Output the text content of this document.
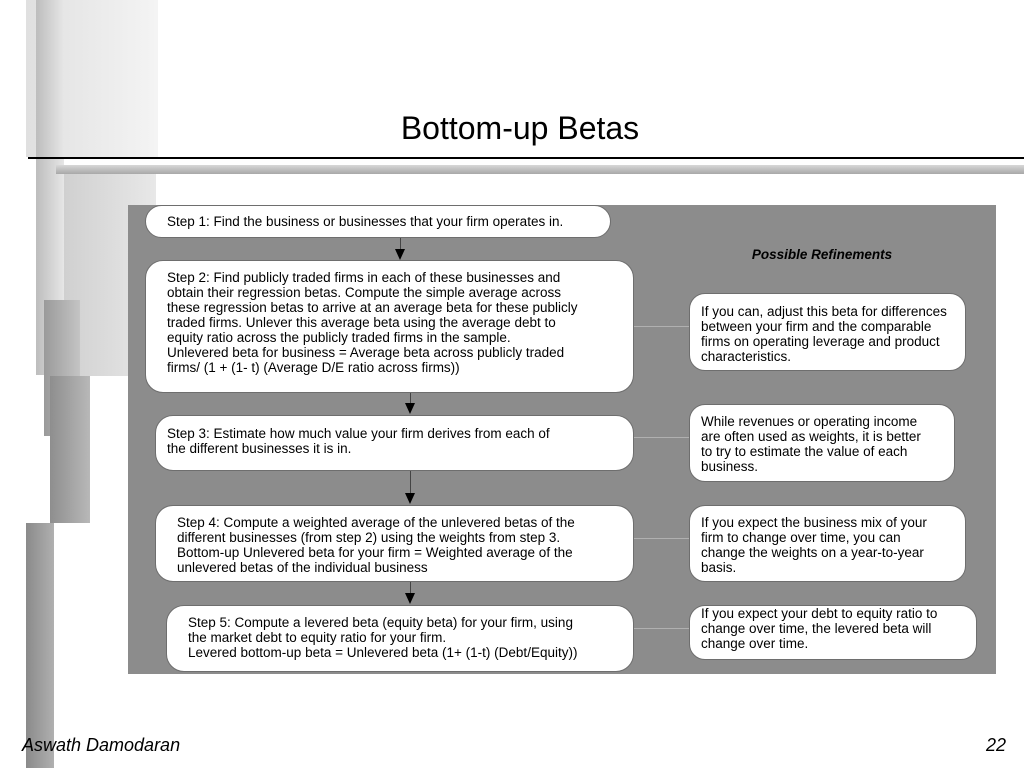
Bottom-up Betas
Step 1: Find the business or businesses that your firm operates in.
Step 2: Find publicly traded firms in each of these businesses and
obtain their regression betas. Compute the simple average across
these regression betas to arrive at an average beta for these publicly
traded firms. Unlever this average beta using the average debt to
equity ratio across the publicly traded firms in the sample.
Unlevered beta for business = Average beta across publicly traded
firms/ (1 + (1- t) (Average D/E ratio across firms))
Step 3: Estimate how much value your firm derives from each of
the different businesses it is in.
Step 4: Compute a weighted average of the unlevered betas of the
different businesses (from step 2) using the weights from step 3.
Bottom-up Unlevered beta for your firm = Weighted average of the
unlevered betas of the individual business
Step 5: Compute a levered beta (equity beta) for your firm, using
the market debt to equity ratio for your firm.
Levered bottom-up beta = Unlevered beta (1+ (1-t) (Debt/Equity))
Possible Refinements
If you can, adjust this beta for differences
between your firm and the comparable
firms on operating leverage and product
characteristics.
While revenues or operating income
are often used as weights, it is better
to try to estimate the value of each
business.
If you expect the business mix of your
firm to change over time, you can
change the weights on a year-to-year
basis.
If you expect your debt to equity ratio to
change over time, the levered beta will
change over time.
Aswath Damodaran	22
